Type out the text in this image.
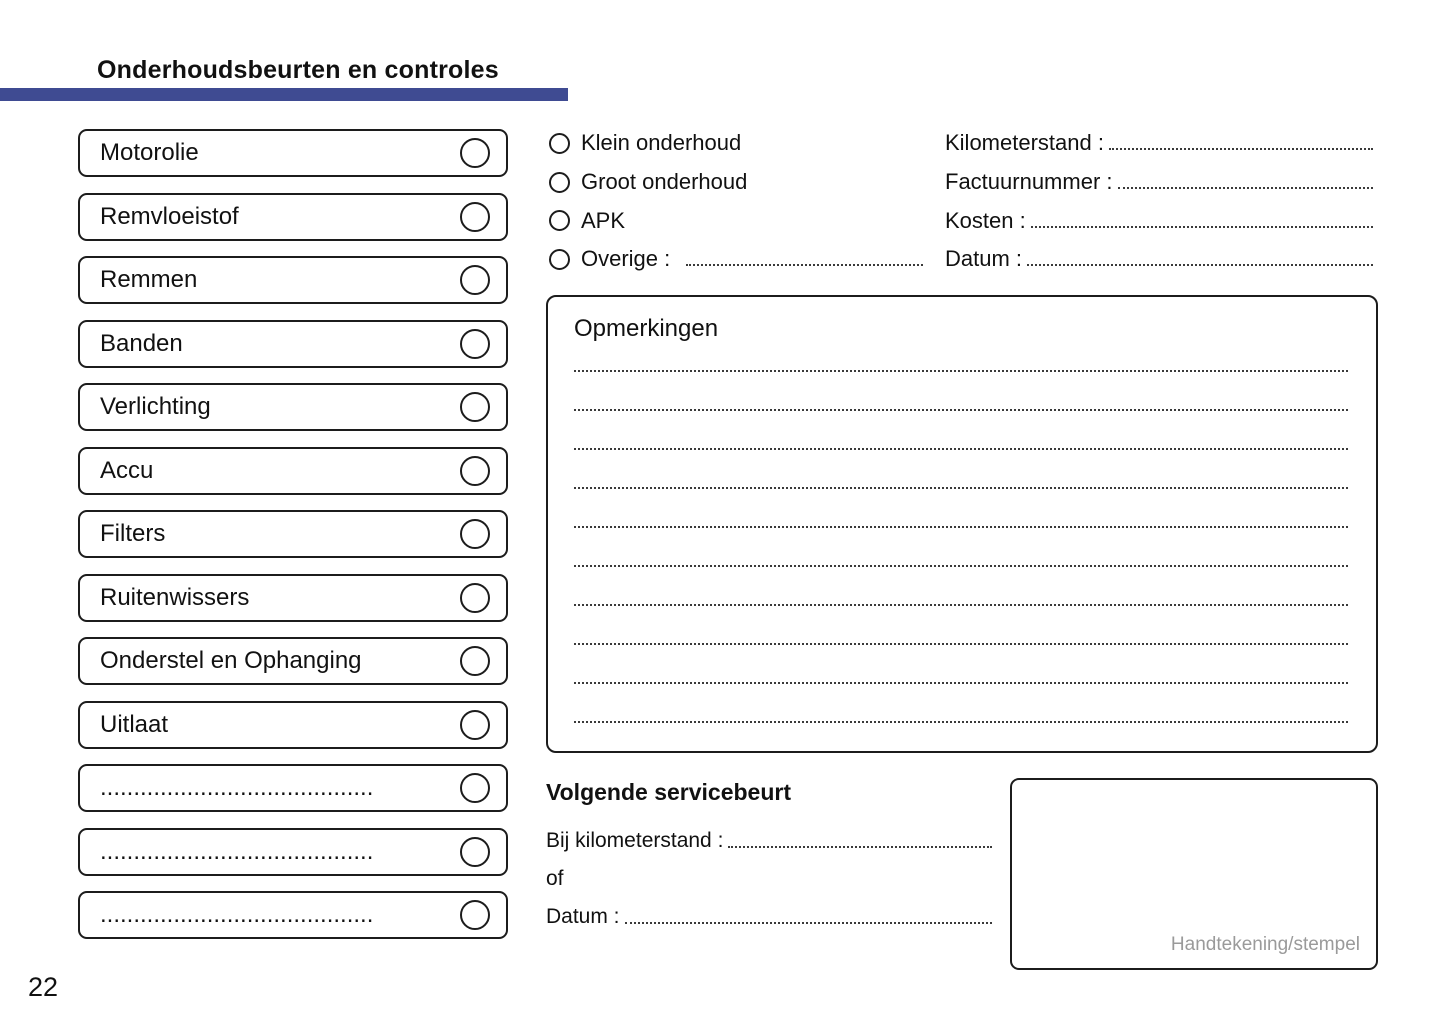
Onderhoudsbeurten en controles
Motorolie
Remvloeistof
Remmen
Banden
Verlichting
Accu
Filters
Ruitenwissers
Onderstel en Ophanging
Uitlaat
.........................................
.........................................
.........................................
Klein onderhoud
Groot onderhoud
APK
Overige :
Kilometerstand :
Factuurnummer :
Kosten :
Datum :
Opmerkingen
Volgende servicebeurt
Bij kilometerstand :
of
Datum :
Handtekening/stempel
22
